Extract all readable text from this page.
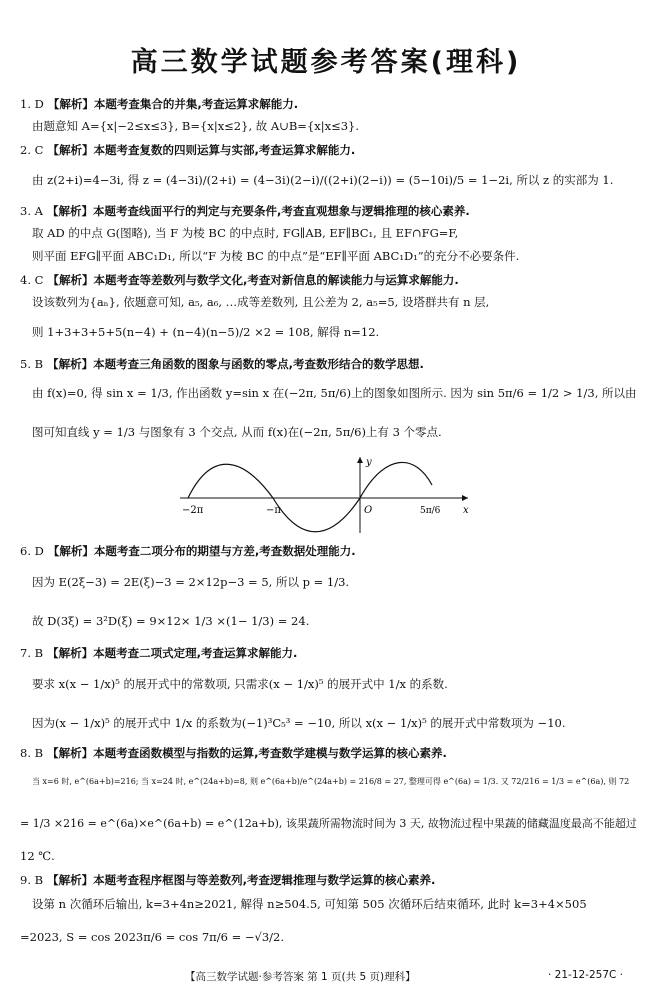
高三数学试题参考答案(理科)
1. D 【解析】本题考查集合的并集,考查运算求解能力.
由题意知 A={x|−2≤x≤3}, B={x|x≤2}, 故 A∪B={x|x≤3}.
2. C 【解析】本题考查复数的四则运算与实部,考查运算求解能力.
由 z(2+i)=4−3i, 得 z = (4−3i)/(2+i) = (4−3i)(2−i)/((2+i)(2−i)) = (5−10i)/5 = 1−2i, 所以 z 的实部为 1.
3. A 【解析】本题考查线面平行的判定与充要条件,考查直观想象与逻辑推理的核心素养.
取 AD 的中点 G(图略), 当 F 为棱 BC 的中点时, FG∥AB, EF∥BC₁, 且 EF∩FG=F,
则平面 EFG∥平面 ABC₁D₁, 所以“F 为棱 BC 的中点”是“EF∥平面 ABC₁D₁”的充分不必要条件.
4. C 【解析】本题考查等差数列与数学文化,考查对新信息的解读能力与运算求解能力.
设该数列为{aₙ}, 依题意可知, a₅, a₆, …成等差数列, 且公差为 2, a₅=5, 设塔群共有 n 层,
则 1+3+3+5+5(n−4) + (n−4)(n−5)/2 ×2 = 108, 解得 n=12.
5. B 【解析】本题考查三角函数的图象与函数的零点,考查数形结合的数学思想.
由 f(x)=0, 得 sin x = 1/3, 作出函数 y=sin x 在(−2π, 5π/6)上的图象如图所示. 因为 sin 5π/6 = 1/2 > 1/3, 所以由
图可知直线 y = 1/3 与图象有 3 个交点, 从而 f(x)在(−2π, 5π/6)上有 3 个零点.
y
x
O
−2π	−π	5π/6
6. D 【解析】本题考查二项分布的期望与方差,考查数据处理能力.
因为 E(2ξ−3) = 2E(ξ)−3 = 2×12p−3 = 5, 所以 p = 1/3.
故 D(3ξ) = 3²D(ξ) = 9×12× 1/3 ×(1− 1/3) = 24.
7. B 【解析】本题考查二项式定理,考查运算求解能力.
要求 x(x − 1/x)⁵ 的展开式中的常数项, 只需求(x − 1/x)⁵ 的展开式中 1/x 的系数.
因为(x − 1/x)⁵ 的展开式中 1/x 的系数为(−1)³C₅³ = −10, 所以 x(x − 1/x)⁵ 的展开式中常数项为 −10.
8. B 【解析】本题考查函数模型与指数的运算,考查数学建模与数学运算的核心素养.
当 x=6 时, e^(6a+b)=216; 当 x=24 时, e^(24a+b)=8, 则 e^(6a+b)/e^(24a+b) = 216/8 = 27, 整理可得 e^(6a) = 1/3. 又 72/216 = 1/3 = e^(6a), 则 72
= 1/3 ×216 = e^(6a)×e^(6a+b) = e^(12a+b), 该果蔬所需物流时间为 3 天, 故物流过程中果蔬的储藏温度最高不能超过
12 ℃.
9. B 【解析】本题考查程序框图与等差数列,考查逻辑推理与数学运算的核心素养.
设第 n 次循环后输出, k=3+4n≥2021, 解得 n≥504.5, 可知第 505 次循环后结束循环, 此时 k=3+4×505
=2023, S = cos 2023π/6 = cos 7π/6 = −√3/2.
【高三数学试题·参考答案 第 1 页(共 5 页)理科】	· 21-12-257C ·
